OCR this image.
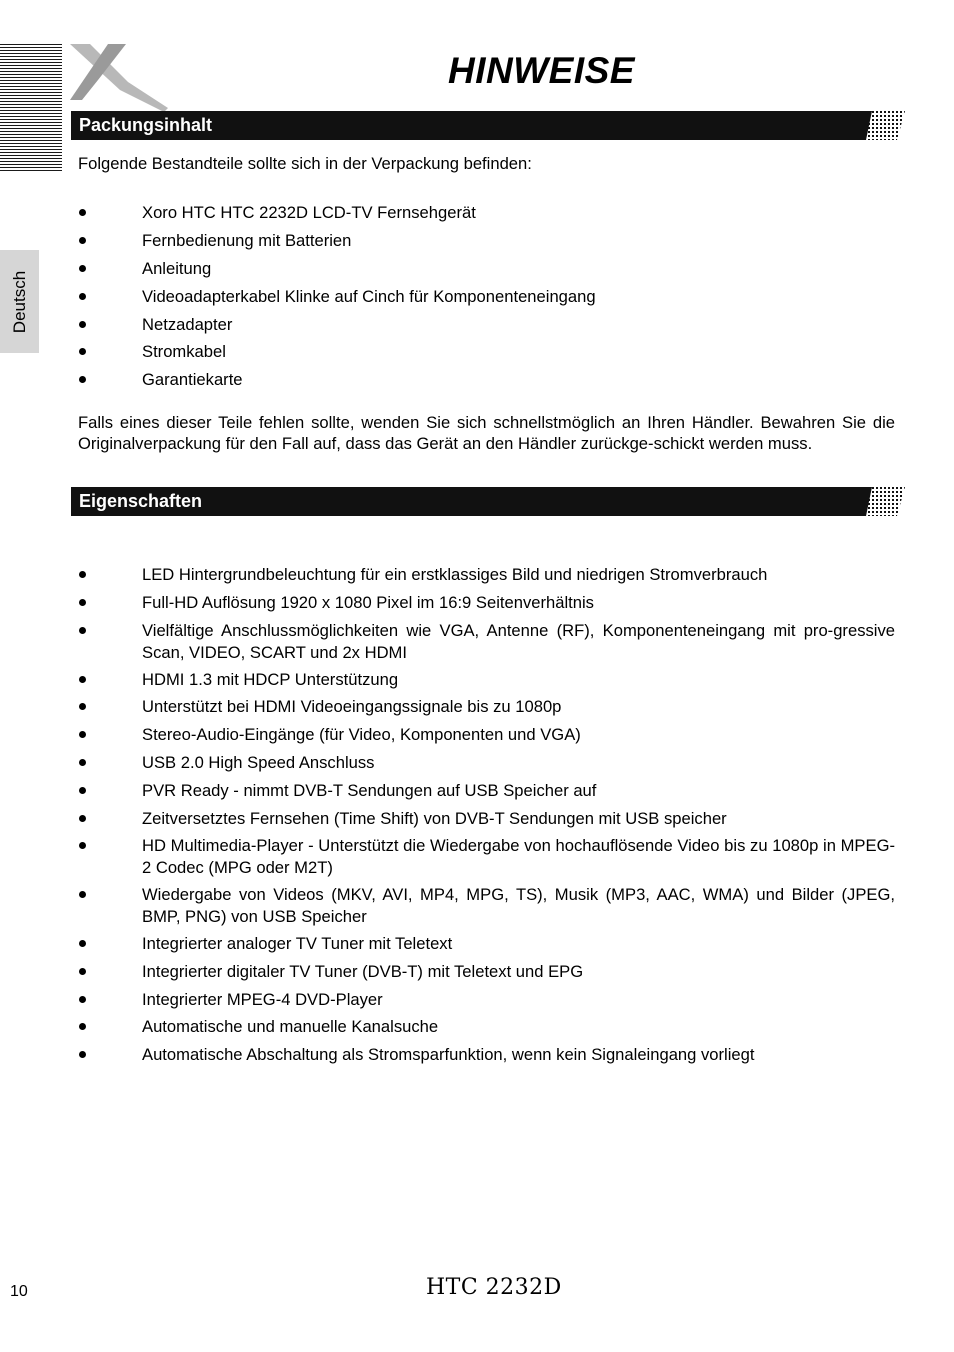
HINWEISE
Deutsch
Packungsinhalt

Folgende Bestandteile sollte sich in der Verpackung befinden:

Xoro HTC HTC 2232D LCD-TV Fernsehgerät
Fernbedienung mit Batterien
Anleitung
Videoadapterkabel Klinke auf Cinch für Komponenteneingang
Netzadapter
Stromkabel
Garantiekarte

Falls eines dieser Teile fehlen sollte, wenden Sie sich schnellstmöglich an Ihren Händler. Bewahren Sie die Originalverpackung für den Fall auf, dass das Gerät an den Händler zurückge-schickt werden muss.

Eigenschaften
LED Hintergrundbeleuchtung für ein erstklassiges Bild und niedrigen Stromverbrauch
Full-HD Auflösung 1920 x 1080 Pixel im 16:9 Seitenverhältnis
Vielfältige Anschlussmöglichkeiten wie VGA, Antenne (RF), Komponenteneingang mit pro-gressive Scan, VIDEO, SCART und 2x HDMI
HDMI 1.3 mit HDCP Unterstützung
Unterstützt bei HDMI Videoeingangssignale bis zu 1080p
Stereo-Audio-Eingänge (für Video, Komponenten und VGA)
USB 2.0 High Speed Anschluss
PVR Ready - nimmt DVB-T Sendungen auf USB Speicher auf
Zeitversetztes Fernsehen (Time Shift) von DVB-T Sendungen mit USB speicher
HD Multimedia-Player - Unterstützt die Wiedergabe von hochauflösende Video bis zu 1080p in MPEG-2 Codec (MPG oder M2T)
Wiedergabe von Videos (MKV, AVI, MP4, MPG, TS), Musik (MP3, AAC, WMA) und Bilder (JPEG, BMP, PNG) von USB Speicher
Integrierter analoger TV Tuner mit Teletext
Integrierter digitaler TV Tuner (DVB-T) mit Teletext und EPG
Integrierter MPEG-4 DVD-Player
Automatische und manuelle Kanalsuche
Automatische Abschaltung als Stromsparfunktion, wenn kein Signaleingang vorliegt
10	HTC 2232D
